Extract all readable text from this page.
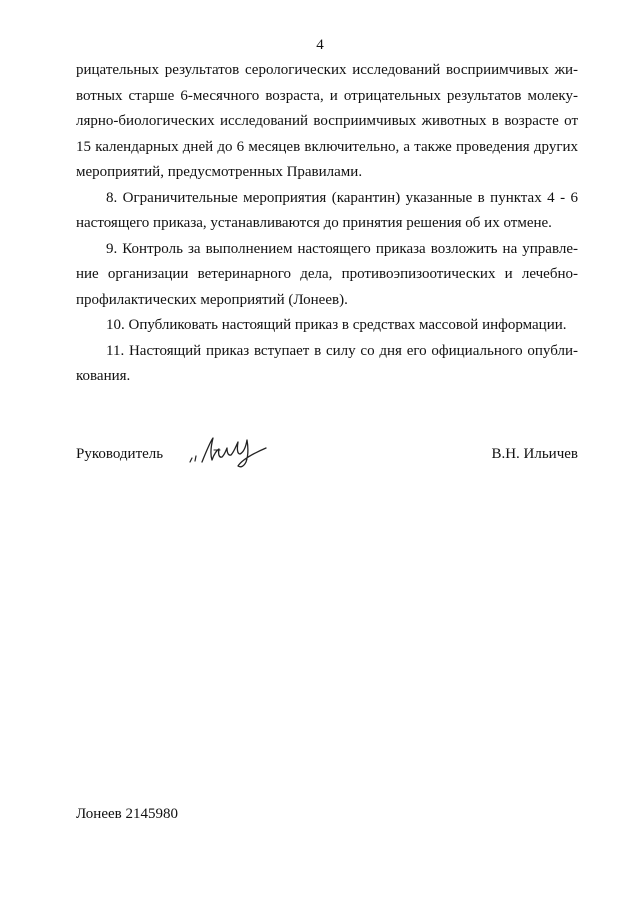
4

рицательных результатов серологических исследований восприимчивых жи-
вотных старше 6-месячного возраста, и отрицательных результатов молеку-
лярно-биологических исследований восприимчивых животных в возрасте от
15 календарных дней до 6 месяцев включительно, а также проведения других
мероприятий, предусмотренных Правилами.

8. Ограничительные мероприятия (карантин) указанные в пунктах 4 - 6
настоящего приказа, устанавливаются до принятия решения об их отмене.

9. Контроль за выполнением настоящего приказа возложить на управле-
ние организации ветеринарного дела, противоэпизоотических и лечебно-
профилактических мероприятий (Лонеев).

10. Опубликовать настоящий приказ в средствах массовой информации.

11. Настоящий приказ вступает в силу со дня его официального опубли-
кования.

Руководитель	В.Н. Ильичев
Лонеев 2145980
